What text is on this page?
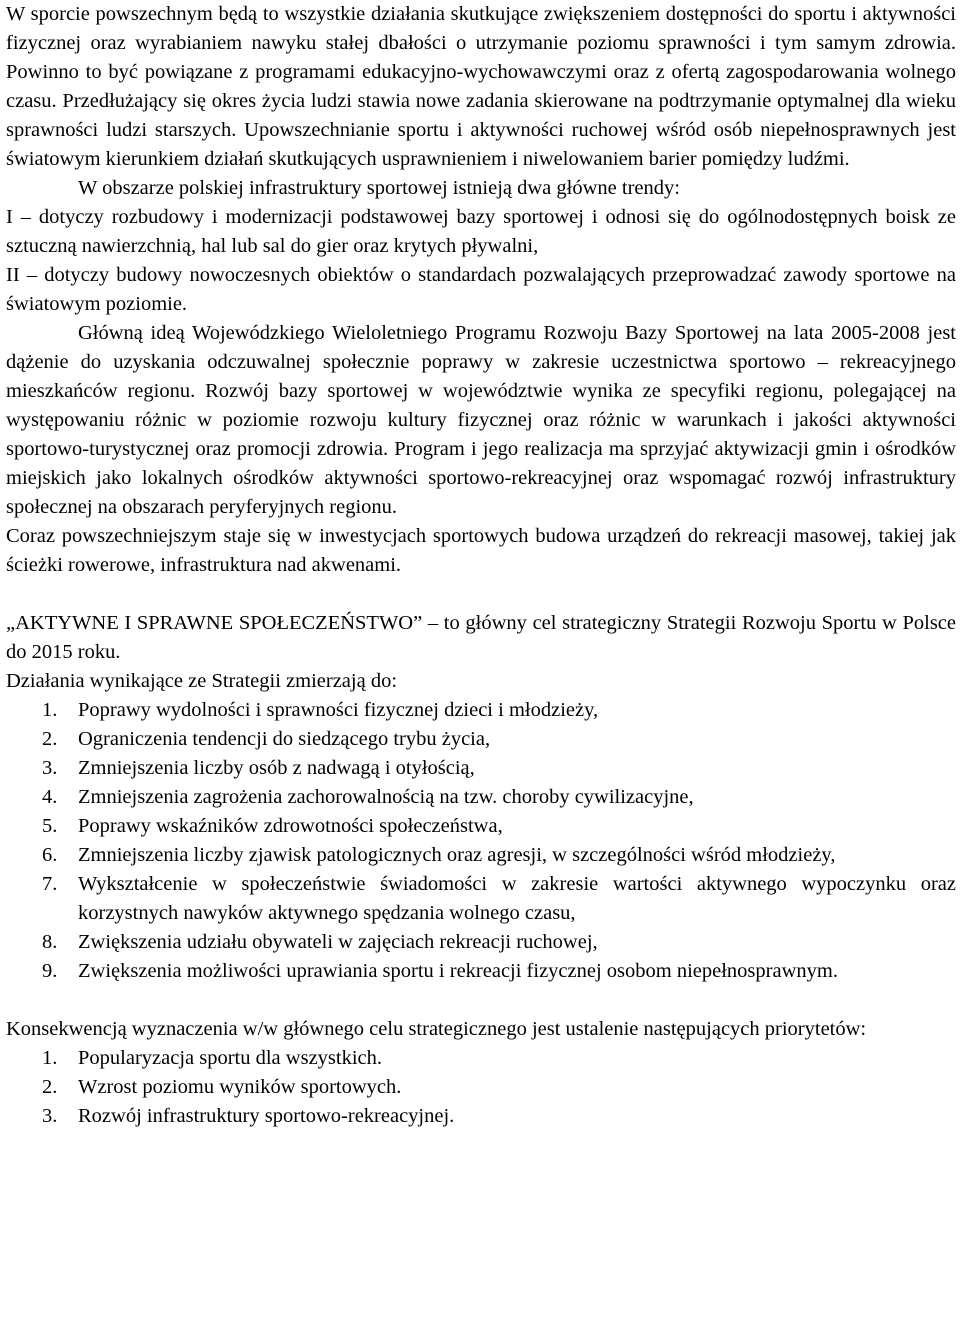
W sporcie powszechnym będą to wszystkie działania skutkujące zwiększeniem dostępności do sportu i aktywności fizycznej oraz wyrabianiem nawyku stałej dbałości o utrzymanie poziomu sprawności i tym samym zdrowia. Powinno to być powiązane z programami edukacyjno-wychowawczymi oraz z ofertą zagospodarowania wolnego czasu. Przedłużający się okres życia ludzi stawia nowe zadania skierowane na podtrzymanie optymalnej dla wieku sprawności ludzi starszych. Upowszechnianie sportu i aktywności ruchowej wśród osób niepełnosprawnych jest światowym kierunkiem działań skutkujących usprawnieniem i niwelowaniem barier pomiędzy ludźmi.

W obszarze polskiej infrastruktury sportowej istnieją dwa główne trendy:

I – dotyczy rozbudowy i modernizacji podstawowej bazy sportowej i odnosi się do ogólnodostępnych boisk ze sztuczną nawierzchnią, hal lub sal do gier oraz krytych pływalni,

II – dotyczy budowy nowoczesnych obiektów o standardach pozwalających przeprowadzać zawody sportowe na światowym poziomie.

Główną ideą Wojewódzkiego Wieloletniego Programu Rozwoju Bazy Sportowej na lata 2005-2008 jest dążenie do uzyskania odczuwalnej społecznie poprawy w zakresie uczestnictwa sportowo – rekreacyjnego mieszkańców regionu. Rozwój bazy sportowej w województwie wynika ze specyfiki regionu, polegającej na występowaniu różnic w poziomie rozwoju kultury fizycznej oraz różnic w warunkach i jakości aktywności sportowo-turystycznej oraz promocji zdrowia. Program i jego realizacja ma sprzyjać aktywizacji gmin i ośrodków miejskich jako lokalnych ośrodków aktywności sportowo-rekreacyjnej oraz wspomagać rozwój infrastruktury społecznej na obszarach peryferyjnych regionu.

Coraz powszechniejszym staje się w inwestycjach sportowych budowa urządzeń do rekreacji masowej, takiej jak ścieżki rowerowe, infrastruktura nad akwenami.

„AKTYWNE I SPRAWNE SPOŁECZEŃSTWO” – to główny cel strategiczny Strategii Rozwoju Sportu w Polsce do 2015 roku.

Działania wynikające ze Strategii zmierzają do:

1. Poprawy wydolności i sprawności fizycznej dzieci i młodzieży,
2. Ograniczenia tendencji do siedzącego trybu życia,
3. Zmniejszenia liczby osób z nadwagą i otyłością,
4. Zmniejszenia zagrożenia zachorowalnością na tzw. choroby cywilizacyjne,
5. Poprawy wskaźników zdrowotności społeczeństwa,
6. Zmniejszenia liczby zjawisk patologicznych oraz agresji, w szczególności wśród młodzieży,
7. Wykształcenie w społeczeństwie świadomości w zakresie wartości aktywnego wypoczynku oraz korzystnych nawyków aktywnego spędzania wolnego czasu,
8. Zwiększenia udziału obywateli w zajęciach rekreacji ruchowej,
9. Zwiększenia możliwości uprawiania sportu i rekreacji fizycznej osobom niepełnosprawnym.

Konsekwencją wyznaczenia w/w głównego celu strategicznego jest ustalenie następujących priorytetów:

1. Popularyzacja sportu dla wszystkich.
2. Wzrost poziomu wyników sportowych.
3. Rozwój infrastruktury sportowo-rekreacyjnej.
